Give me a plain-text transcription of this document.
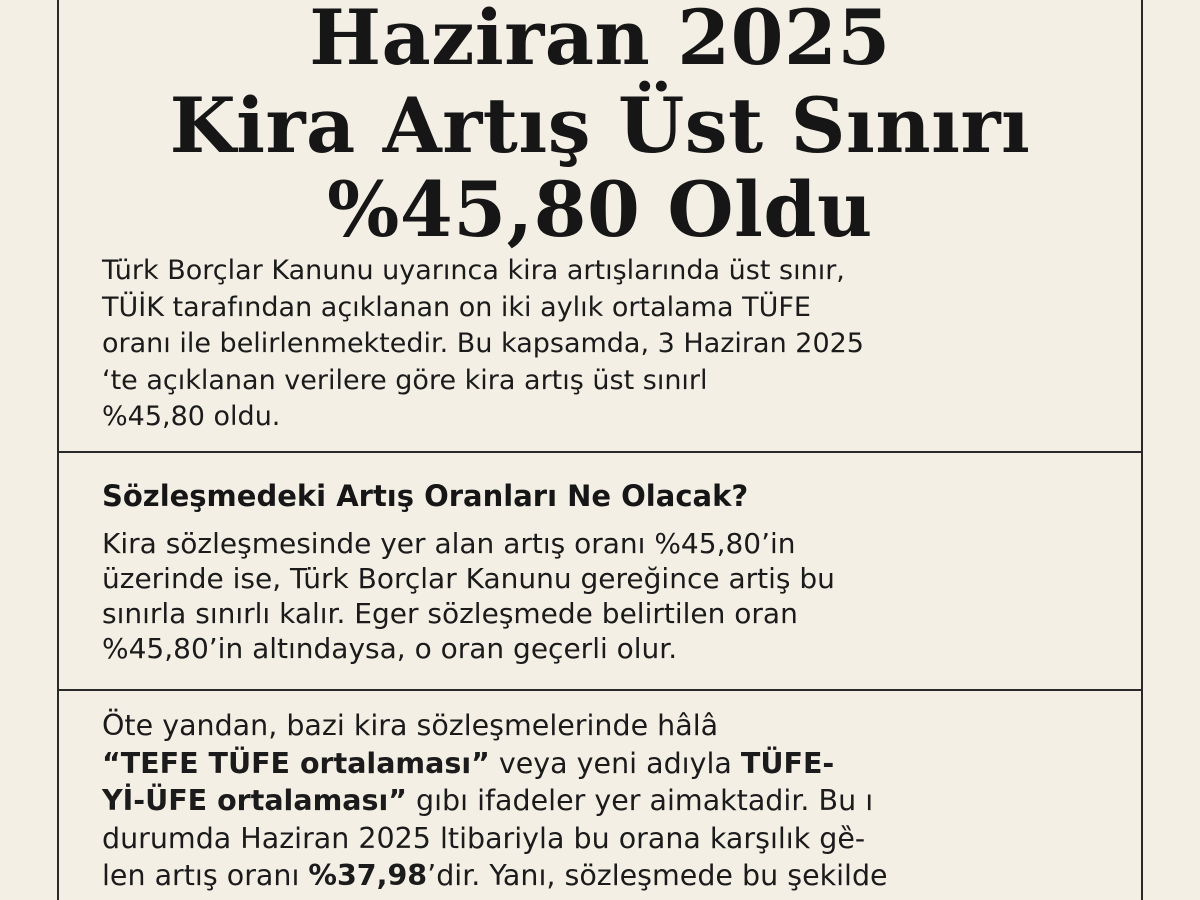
Haziran 2025
Kira Artış Üst Sınırı
%45,80 Oldu

Türk Borçlar Kanunu uyarınca kira artışlarında üst sınır,
TÜİK tarafından açıklanan on iki aylık ortalama TÜFE
oranı ile belirlenmektedir. Bu kapsamda, 3 Haziran 2025
‘te açıklanan verilere göre kira artış üst sınırl
%45,80 oldu.

Sözleşmedeki Artış Oranları Ne Olacak?

Kira sözleşmesinde yer alan artış oranı %45,80’in
üzerinde ise, Türk Borçlar Kanunu gereğince artiş bu
sınırla sınırlı kalır. Eger sözleşmede belirtilen oran
%45,80’in altındaysa, o oran geçerli olur.

Öte yandan, bazi kira sözleşmelerinde hâlâ
“TEFE TÜFE ortalaması” veya yeni adıyla TÜFE-
Yİ-ÜFE ortalaması” gıbı ifadeler yer aimaktadir. Bu ı
durumda Haziran 2025 ltibariyla bu orana karşılık gȅ-
len artış oranı %37,98’dir. Yanı, sözleşmede bu şekilde
